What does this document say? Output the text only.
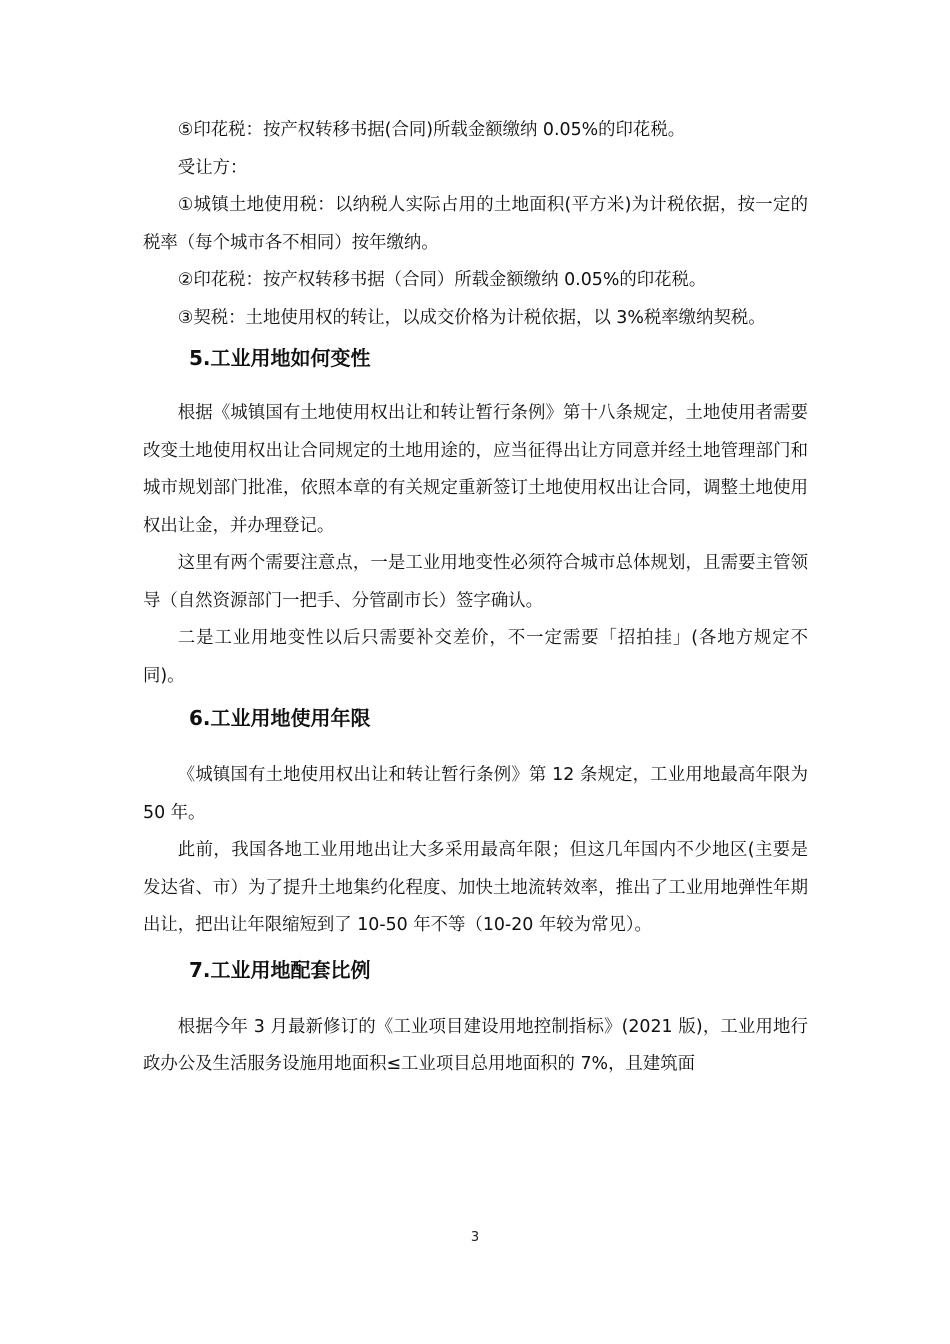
⑤印花税：按产权转移书据(合同)所载金额缴纳 0.05%的印花税。

受让方：

①城镇土地使用税：以纳税人实际占用的土地面积(平方米)为计税依据，按一定的税率（每个城市各不相同）按年缴纳。

②印花税：按产权转移书据（合同）所载金额缴纳 0.05%的印花税。

③契税：土地使用权的转让，以成交价格为计税依据，以 3%税率缴纳契税。

5.工业用地如何变性

根据《城镇国有土地使用权出让和转让暂行条例》第十八条规定，土地使用者需要改变土地使用权出让合同规定的土地用途的，应当征得出让方同意并经土地管理部门和城市规划部门批准，依照本章的有关规定重新签订土地使用权出让合同，调整土地使用权出让金，并办理登记。

这里有两个需要注意点，一是工业用地变性必须符合城市总体规划，且需要主管领导（自然资源部门一把手、分管副市长）签字确认。

二是工业用地变性以后只需要补交差价，不一定需要「招拍挂」(各地方规定不同)。

6.工业用地使用年限

《城镇国有土地使用权出让和转让暂行条例》第 12 条规定，工业用地最高年限为 50 年。

此前，我国各地工业用地出让大多采用最高年限；但这几年国内不少地区(主要是发达省、市）为了提升土地集约化程度、加快土地流转效率，推出了工业用地弹性年期出让，把出让年限缩短到了 10-50 年不等（10-20 年较为常见）。

7.工业用地配套比例

根据今年 3 月最新修订的《工业项目建设用地控制指标》(2021 版)，工业用地行政办公及生活服务设施用地面积≤工业项目总用地面积的 7%，且建筑面

3
